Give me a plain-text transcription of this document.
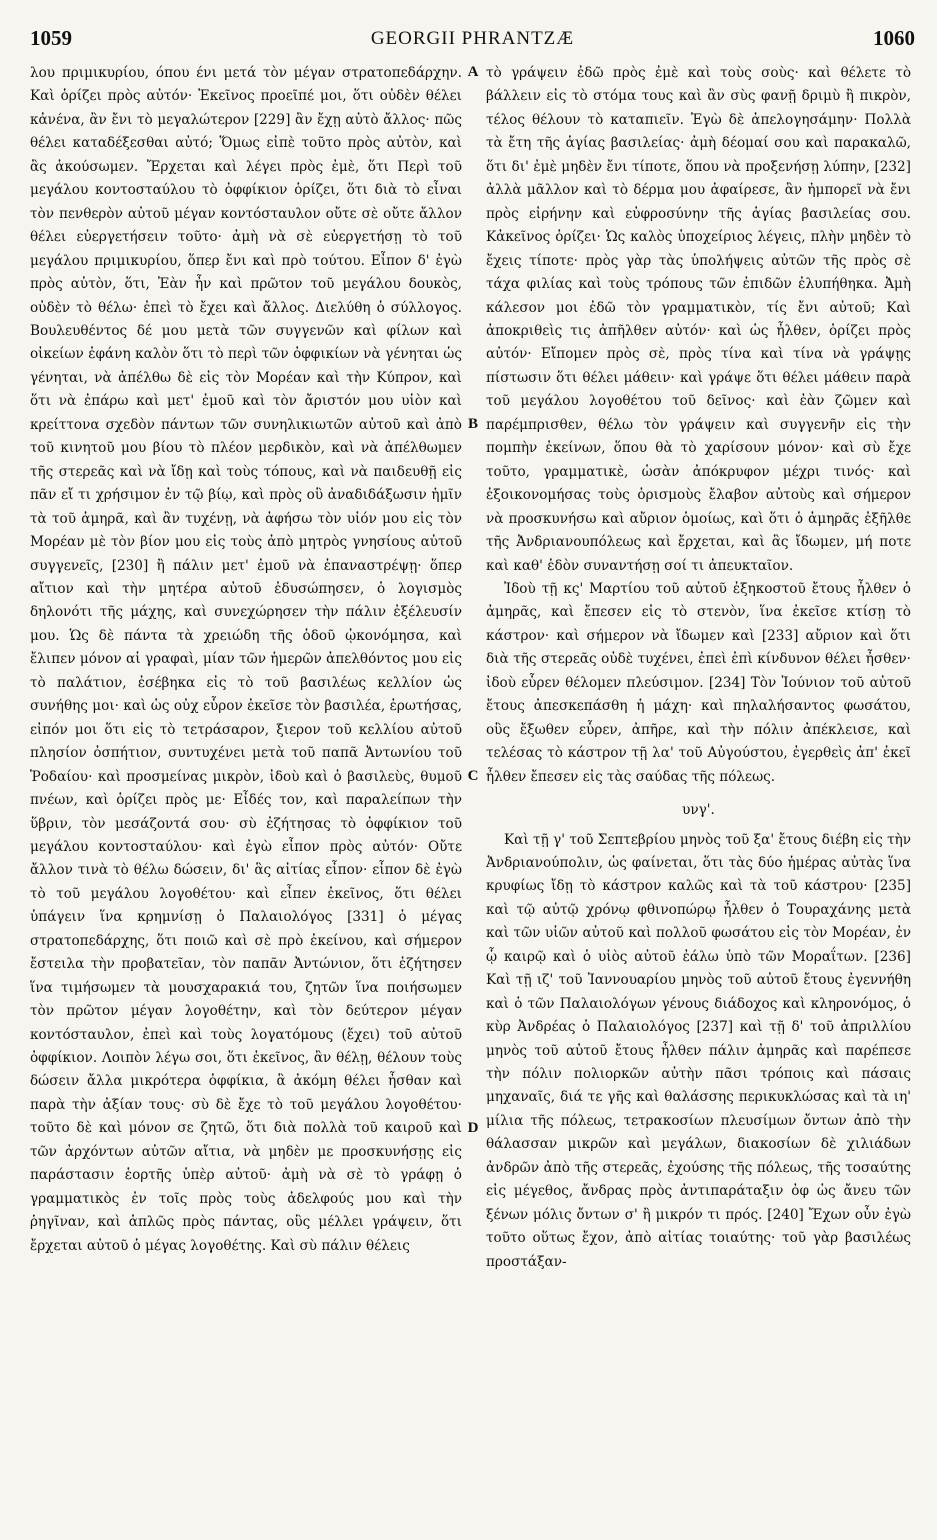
1059	GEORGII PHRANTZÆ	1060

λου πριμικυρίου, όπου ένι μετά τὸν μέγαν στρατοπεδάρχην. Καὶ ὁρίζει πρὸς αὐτόν· Ἐκεῖνος προεῖπέ μοι, ὅτι οὐδὲν θέλει κἀνένα, ἂν ἔνι τὸ μεγαλώτερον [229] ἂν ἔχῃ αὐτὸ ἄλλος· πῶς θέλει καταδέξεσθαι αὐτό; Ὅμως εἰπὲ τοῦτο πρὸς αὐτὸν, καὶ ἂς ἀκούσωμεν. Ἔρχεται καὶ λέγει πρὸς ἐμὲ, ὅτι Περὶ τοῦ μεγάλου κοντοσταύλου τὸ ὀφφίκιον ὁρίζει, ὅτι διὰ τὸ εἶναι τὸν πενθερὸν αὐτοῦ μέγαν κοντόσταυλον οὔτε σὲ οὔτε ἄλλον θέλει εὐεργετήσειν τοῦτο· ἀμὴ νὰ σὲ εὐεργετήσῃ τὸ τοῦ μεγάλου πριμικυρίου, ὅπερ ἔνι καὶ πρὸ τούτου. Εἶπον δ' ἐγὼ πρὸς αὐτὸν, ὅτι, Ἐὰν ἦν καὶ πρῶτον τοῦ μεγάλου δουκὸς, οὐδὲν τὸ θέλω· ἐπεὶ τὸ ἔχει καὶ ἄλλος. Διελύθη ὁ σύλλογος. Βουλευθέντος δέ μου μετὰ τῶν συγγενῶν καὶ φίλων καὶ οἰκείων ἐφάνη καλὸν ὅτι τὸ περὶ τῶν ὀφφικίων νὰ γένηται ὡς γένηται, νὰ ἀπέλθω δὲ εἰς τὸν Μορέαν καὶ τὴν Κύπρον, καὶ ὅτι νὰ ἐπάρω καὶ μετ' ἐμοῦ καὶ τὸν ἄριστόν μου υἱὸν καὶ κρείττονα σχεδὸν πάντων τῶν συνηλικιωτῶν αὐτοῦ καὶ ἀπὸ τοῦ κινητοῦ μου βίου τὸ πλέον μερδικὸν, καὶ νὰ ἀπέλθωμεν τῆς στερεᾶς καὶ νὰ ἴδῃ καὶ τοὺς τόπους, καὶ νὰ παιδευθῇ εἰς πᾶν εἴ τι χρήσιμον ἐν τῷ βίῳ, καὶ πρὸς οὓ ἀναδιδάξωσιν ἡμῖν τὰ τοῦ ἀμηρᾶ, καὶ ἂν τυχένῃ, νὰ ἀφήσω τὸν υἱόν μου εἰς τὸν Μορέαν μὲ τὸν βίον μου εἰς τοὺς ἀπὸ μητρὸς γνησίους αὐτοῦ συγγενεῖς, [230] ἢ πάλιν μετ' ἐμοῦ νὰ ἐπαναστρέψῃ· ὅπερ αἴτιον καὶ τὴν μητέρα αὐτοῦ ἐδυσώπησεν, ὁ λογισμὸς δηλονότι τῆς μάχης, καὶ συνεχώρησεν τὴν πάλιν ἐξέλευσίν μου. Ὡς δὲ πάντα τὰ χρειώδη τῆς ὁδοῦ ᾠκονόμησα, καὶ ἔλιπεν μόνον αἱ γραφαὶ, μίαν τῶν ἡμερῶν ἀπελθόντος μου εἰς τὸ παλάτιον, ἐσέβηκα εἰς τὸ τοῦ βασιλέως κελλίον ὡς συνήθης μοι· καὶ ὡς οὐχ εὗρον ἐκεῖσε τὸν βασιλέα, ἐρωτήσας, εἰπόν μοι ὅτι εἰς τὸ τετράσαρον, ξιερον τοῦ κελλίου αὐτοῦ πλησίον ὀσπήτιον, συντυχένει μετὰ τοῦ παπᾶ Ἀντωνίου τοῦ Ῥοδαίου· καὶ προσμείνας μικρὸν, ἰδοὺ καὶ ὁ βασιλεὺς, θυμοῦ πνέων, καὶ ὁρίζει πρὸς με· Εἶδές τον, καὶ παραλείπων τὴν ὕβριν, τὸν μεσάζοντά σου· σὺ ἐζήτησας τὸ ὀφφίκιον τοῦ μεγάλου κοντοσταύλου· καὶ ἐγὼ εἶπον πρὸς αὐτόν· Οὔτε ἄλλον τινὰ τὸ θέλω δώσειν, δι' ἃς αἰτίας εἶπον· εἶπον δὲ ἐγὼ τὸ τοῦ μεγάλου λογοθέτου· καὶ εἶπεν ἐκεῖνος, ὅτι θέλει ὑπάγειν ἵνα κρημνίσῃ ὁ Παλαιολόγος [331] ὁ μέγας στρατοπεδάρχης, ὅτι ποιῶ καὶ σὲ πρὸ ἐκείνου, καὶ σήμερον ἔστειλα τὴν προβατεῖαν, τὸν παπᾶν Ἀντώνιον, ὅτι ἐζήτησεν ἵνα τιμήσωμεν τὰ μουσχαρακιά του, ζητῶν ἵνα ποιήσωμεν τὸν πρῶτον μέγαν λογοθέτην, καὶ τὸν δεύτερον μέγαν κοντόσταυλον, ἐπεὶ καὶ τοὺς λογατόμους (ἔχει) τοῦ αὐτοῦ ὀφφίκιον. Λοιπὸν λέγω σοι, ὅτι ἐκεῖνος, ἂν θέλῃ, θέλουν τοὺς δώσειν ἄλλα μικρότερα ὀφφίκια, ἃ ἀκόμη θέλει ἦσθαν καὶ παρὰ τὴν ἀξίαν τους· σὺ δὲ ἔχε τὸ τοῦ μεγάλου λογοθέτου· τοῦτο δὲ καὶ μόνον σε ζητῶ, ὅτι διὰ πολλὰ τοῦ καιροῦ καὶ τῶν ἀρχόντων αὐτῶν αἴτια, νὰ μηδὲν με προσκυνήσῃς εἰς παράστασιν ἑορτῆς ὑπὲρ αὐτοῦ· ἀμὴ νὰ σὲ τὸ γράφῃ ὁ γραμματικὸς ἐν τοῖς πρὸς τοὺς ἀδελφούς μου καὶ τὴν ῥηγῖναν, καὶ ἁπλῶς πρὸς πάντας, οὓς μέλλει γράψειν, ὅτι ἔρχεται αὐτοῦ ὁ μέγας λογοθέτης. Καὶ σὺ πάλιν θέλεις

A
B
C
D

τὸ γράψειν ἐδῶ πρὸς ἐμὲ καὶ τοὺς σοὺς· καὶ θέλετε τὸ βάλλειν εἰς τὸ στόμα τους καὶ ἂν σὺς φανῇ δριμὺ ἢ πικρὸν, τέλος θέλουν τὸ καταπιεῖν. Ἐγὼ δὲ ἀπελογησάμην· Πολλὰ τὰ ἔτη τῆς ἁγίας βασιλείας· ἀμὴ δέομαί σου καὶ παρακαλῶ, ὅτι δι' ἐμὲ μηδὲν ἔνι τίποτε, ὅπου νὰ προξενήσῃ λύπην, [232] ἀλλὰ μᾶλλον καὶ τὸ δέρμα μου ἀφαίρεσε, ἂν ἠμπορεῖ νὰ ἔνι πρὸς εἰρήνην καὶ εὐφροσύνην τῆς ἁγίας βασιλείας σου. Κἀκεῖνος ὁρίζει· Ὡς καλὸς ὑποχείριος λέγεις, πλὴν μηδὲν τὸ ἔχεις τίποτε· πρὸς γὰρ τὰς ὑπολήψεις αὐτῶν τῆς πρὸς σὲ τάχα φιλίας καὶ τοὺς τρόπους τῶν ἐπιδῶν ἐλυπήθηκα. Ἀμὴ κάλεσον μοι ἐδῶ τὸν γραμματικὸν, τίς ἔνι αὐτοῦ; Καὶ ἀποκριθεὶς τις ἀπῆλθεν αὐτόν· καὶ ὡς ἦλθεν, ὁρίζει πρὸς αὐτόν· Εἴπομεν πρὸς σὲ, πρὸς τίνα καὶ τίνα νὰ γράψῃς πίστωσιν ὅτι θέλει μάθειν· καὶ γράψε ὅτι θέλει μάθειν παρὰ τοῦ μεγάλου λογοθέτου τοῦ δεῖνος· καὶ ἐὰν ζῶμεν καὶ παρέμπρισθεν, θέλω τὸν γράψειν καὶ συγγενῆν εἰς τὴν πομπὴν ἐκείνων, ὅπου θὰ τὸ χαρίσουν μόνον· καὶ σὺ ἔχε τοῦτο, γραμματικὲ, ὡσὰν ἀπόκρυφον μέχρι τινός· καὶ ἐξοικονομήσας τοὺς ὁρισμοὺς ἔλαβον αὐτοὺς καὶ σήμερον νὰ προσκυνήσω καὶ αὔριον ὁμοίως, καὶ ὅτι ὁ ἀμηρᾶς ἐξῆλθε τῆς Ἀνδριανουπόλεως καὶ ἔρχεται, καὶ ἂς ἴδωμεν, μή ποτε καὶ καθ' ἑδὸν συναντήσῃ σοί τι ἀπευκταῖον.

Ἰδοὺ τῇ κς' Μαρτίου τοῦ αὐτοῦ ἐξηκοστοῦ ἔτους ἦλθεν ὁ ἀμηρᾶς, καὶ ἔπεσεν εἰς τὸ στενὸν, ἵνα ἐκεῖσε κτίσῃ τὸ κάστρον· καὶ σήμερον νὰ ἴδωμεν καὶ [233] αὔριον καὶ ὅτι διὰ τῆς στερεᾶς οὐδὲ τυχένει, ἐπεὶ ἐπὶ κίνδυνον θέλει ἦσθεν· ἰδοὺ εὗρεν θέλομεν πλεύσιμον. [234] Τὸν Ἰούνιον τοῦ αὐτοῦ ἔτους ἀπεσκεπάσθη ἡ μάχη· καὶ πηλαλήσαντος φωσάτου, οὓς ἔξωθεν εὗρεν, ἀπῆρε, καὶ τὴν πόλιν ἀπέκλεισε, καὶ τελέσας τὸ κάστρον τῇ λα' τοῦ Αὐγούστου, ἐγερθεὶς ἀπ' ἐκεῖ ἦλθεν ἔπεσεν εἰς τὰς σαύδας τῆς πόλεως.

υνγ'.

Καὶ τῇ γ' τοῦ Σεπτεβρίου μηνὸς τοῦ ξα' ἔτους διέβη εἰς τὴν Ἀνδριανούπολιν, ὡς φαίνεται, ὅτι τὰς δύο ἡμέρας αὐτὰς ἵνα κρυφίως ἴδῃ τὸ κάστρον καλῶς καὶ τὰ τοῦ κάστρου· [235] καὶ τῷ αὐτῷ χρόνῳ φθινοπώρῳ ἦλθεν ὁ Τουραχάνης μετὰ καὶ τῶν υἱῶν αὐτοῦ καὶ πολλοῦ φωσάτου εἰς τὸν Μορέαν, ἐν ᾧ καιρῷ καὶ ὁ υἱὸς αὐτοῦ ἐάλω ὑπὸ τῶν Μοραΐτων. [236] Καὶ τῇ ιζ' τοῦ Ἰαννουαρίου μηνὸς τοῦ αὐτοῦ ἔτους ἐγεννήθη καὶ ὁ τῶν Παλαιολόγων γένους διάδοχος καὶ κληρονόμος, ὁ κὺρ Ἀνδρέας ὁ Παλαιολόγος [237] καὶ τῇ δ' τοῦ ἀπριλλίου μηνὸς τοῦ αὐτοῦ ἔτους ἦλθεν πάλιν ἀμηρᾶς καὶ παρέπεσε τὴν πόλιν πολιορκῶν αὐτὴν πᾶσι τρόποις καὶ πάσαις μηχαναῖς, διά τε γῆς καὶ θαλάσσης περικυκλώσας καὶ τὰ ιη' μίλια τῆς πόλεως, τετρακοσίων πλευσίμων ὄντων ἀπὸ τὴν θάλασσαν μικρῶν καὶ μεγάλων, διακοσίων δὲ χιλιάδων ἀνδρῶν ἀπὸ τῆς στερεᾶς, ἐχούσης τῆς πόλεως, τῆς τοσαύτης εἰς μέγεθος, ἄνδρας πρὸς ἀντιπαράταξιν ὀφ ὡς ἄνευ τῶν ξένων μόλις ὄντων σ' ἢ μικρόν τι πρός. [240] Ἔχων οὖν ἐγὼ τοῦτο οὕτως ἔχον, ἀπὸ αἰτίας τοιαύτης· τοῦ γὰρ βασιλέως προστάξαν-
